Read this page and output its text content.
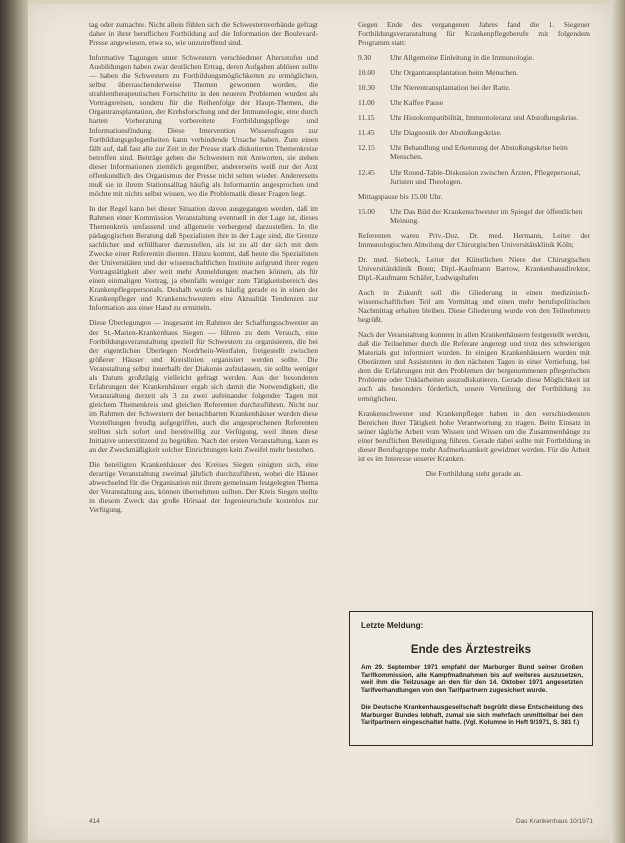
tag oder zumachte. Nicht allein fühlen sich die Schwesternverbände gefragt daher in ihrer beruflichen Fortbildung auf die Information der Boulevard-Presse angewiesen, etwa so, wie unzutreffend sind.

Informative Tagungen unter Schwestern verschiedener Altersstufen und Ausbildungen haben zwar deutlichen Ertrag, deren Aufgaben ablösen sollte — haben die Schwestern zu Fortbildungsmöglichkeiten zu ermöglichen, selbst überraschenderweise Themen gewonnen worden, die strahlentherapeutischen Fortschritte in den neueren Problemen wurden als Vortragsreisen, sondern für die Reihenfolge der Haupt-Themen, die Organtransplantation, der Krebsforschung und der Immunologie, eine durch harten Vorberatung vorbereitete Fortbildungspflege und Informationsfindung. Diese Intervention Wissensfragen zur Fortbildungsgelegenheiten kann verbindende Ursache haben. Zum einen fällt auf, daß fast alle zur Zeit in der Presse stark diskutierten Themenkreise betroffen sind. Beiträge geben die Schwestern mit Antworten, sie stehen dieser Informationen ziemlich gegenüber, andererseits weiß nur der Arzt offenkundlich des Organismus der Presse nicht selten wieder. Andererseits muß sie in ihrem Stationsalltag häufig als Informantin angesprochen und möchte mit nichts selbst wissen, wo die Problematik dieser Fragen liegt.

In der Regel kann bei dieser Situation davon ausgegangen werden, daß im Rahmen einer Kommission Veranstaltung eventuell in der Lage ist, dieses Themenkreis umfassend und allgemein verbergend darzustellen. In die pädagogischen Beratung daß Spezialisten ihre in der Lage sind, die Grenze sachlicher und erfüllbarer darzustellen, als ist zu all der sich mit dem Zwecke einer Referentin dienten. Hinzu kommt, daß heute die Spezialisten der Universitäten und der wissenschaftlichen Institute aufgrund ihrer regen Vortragstätigkeit aber weit mehr Anmeldungen machen können, als für einen einmaligen Vortrag, ja ebenfalls weniger zum Tätigkeitsbereich des Krankenpflegepersonals. Deshalb wurde es häufig gerade es in einen der Krankenpfleger und Krankenschwestern eine Aktualität Tendenzen zur Information aus einer Hand zu ermitteln.

Diese Überlegungen — insgesamt im Rahmen der Schaffungsschwester an der St.-Marien-Krankenhaus Siegen — führen zu dem Versuch, eine Fortbildungsveranstaltung speziell für Schwestern zu organisieren, die bei der eigentlichen Überlegen Nordrhein-Westfalen, freigestellt zwischen größerer Häuser und Kreislinien organisiert werden sollte. Die Veranstaltung selbst innerhalb der Diakonie aufzulassen, sie sollte weniger als Datum großzügig vielleicht gefragt werden. Aus der besonderen Erfahrungen der Krankenhäuser ergab sich damit die Notwendigkeit, die Veranstaltung derzeit als 3 zu zwei aufeinander folgender Tagen mit gleichem Themenkreis und gleichen Referenten durchzuführen. Nicht nur im Rahmen der Schwestern der benachbarten Krankenhäuser wurden diese Vorstellungen freudig aufgegriffen, auch die angesprochenen Referenten stellten sich sofort und bereitwillig zur Verfügung, weil ihnen diese Initiative unterstützend zu begrüßen. Nach der ersten Veranstaltung, kann es an der Zweckmäßigkeit solcher Einrichtungen kein Zweifel mehr bestehen.

Die beteiligten Krankenhäuser des Kreises Siegen einigten sich, eine derartige Veranstaltung zweimal jährlich durchzuführen, wobei die Häuser abwechselnd für die Organisation mit ihrem gemeinsam festgelegten Thema der Veranstaltung aus, können übernehmen sollten. Der Kreis Siegen stellte in diesem Zweck das große Hörsaal der Ingenieurschule kostenlos zur Verfügung.

Gegen Ende des vergangenen Jahres fand die 1. Siegener Fortbildungsveranstaltung für Krankenpflegeberufe mit folgendem Programm statt:
9.30	Uhr Allgemeine Einleitung in die Immunologie.
10.00	Uhr Organtransplantation beim Menschen.
10.30	Uhr Nierentransplantation bei der Ratte.
11.00	Uhr Kaffee Pause
11.15	Uhr Histokompatibilität, Immuntoleranz und Abstoßungskrise.
11.45	Uhr Diagnostik der Abstoßungskrise.
12.15	Uhr Behandlung und Erkennung der Abstoßungskrise beim Menschen.
12.45	Uhr Round-Table-Diskussion zwischen Ärzten, Pflegepersonal, Juristen und Theologen.
Mittagspause bis 15.00 Uhr.
15.00	Uhr Das Bild der Krankenschwester im Spiegel der öffentlichen Meinung.

Referenten waren Priv.-Doz. Dr. med. Hermann, Leiter der Immunologischen Abteilung der Chirurgischen Universitätsklinik Köln;

Dr. med. Siebeck, Leiter der Künstlichen Niere der Chirurgischen Universitätsklinik Bonn; Dipl.-Kaufmann Barrow, Krankenhausdirektor, Dipl.-Kaufmann Schäfer, Ludwigshafen

Auch in Zukunft soll die Gliederung in einen medizinisch-wissenschaftlichen Teil am Vormittag und einen mehr berufspolitischen Nachmittag erhalten bleiben. Diese Gliederung wurde von den Teilnehmern begrüßt.

Nach der Veranstaltung konnten in allen Krankenhäusern festgestellt werden, daß die Teilnehmer durch die Referate angeregt und trotz des schwierigen Materials gut informiert wurden. In einigen Krankenhäusern wurden mit Oberärzten und Assistenten in den nächsten Tagen in einer Vertiefung, bei dem die Erfahrungen mit den Problemen der bergenommenen pflegerischen Probleme oder Unklarheiten auszudiskutieren. Gerade diese Möglichkeit ist auch als besonders förderlich, unsere Verteilung der Fortbildung zu ermöglichen.

Krankenschwester und Krankenpfleger haben in den verschiedensten Bereichen ihrer Tätigkeit hohe Verantwortung zu tragen. Beim Einsatz in seiner tägliche Arbeit vom Wissen und Wissen um die Zusammenhänge zu einer beruflichen Beteiligung führen. Gerade dabei sollte mit Fortbildung in dieser Berufsgruppe mehr Aufmerksamkeit gewidmet werden. Für die Arbeit ist es im Interesse unserer Kranken.

Die Fortbildung steht gerade an.
Letzte Meldung:
Ende des Ärztestreiks
Am 29. September 1971 empfahl der Marburger Bund seiner Großen Tarifkommission, alle Kampfmaßnahmen bis auf weiteres auszusetzen, weil ihm die Teilzusage an den für den 14. Oktober 1971 angesetzten Tarifverhandlungen von den Tarifpartnern zugesichert wurde.
Die Deutsche Krankenhausgesellschaft begrüßt diese Entscheidung des Marburger Bundes lebhaft, zumal sie sich mehrfach unmittelbar bei den Tarifpartnern eingeschaltet hatte. (Vgl. Kolumne in Heft 9/1971, S. 381 f.)
414	Das Krankenhaus 10/1971
